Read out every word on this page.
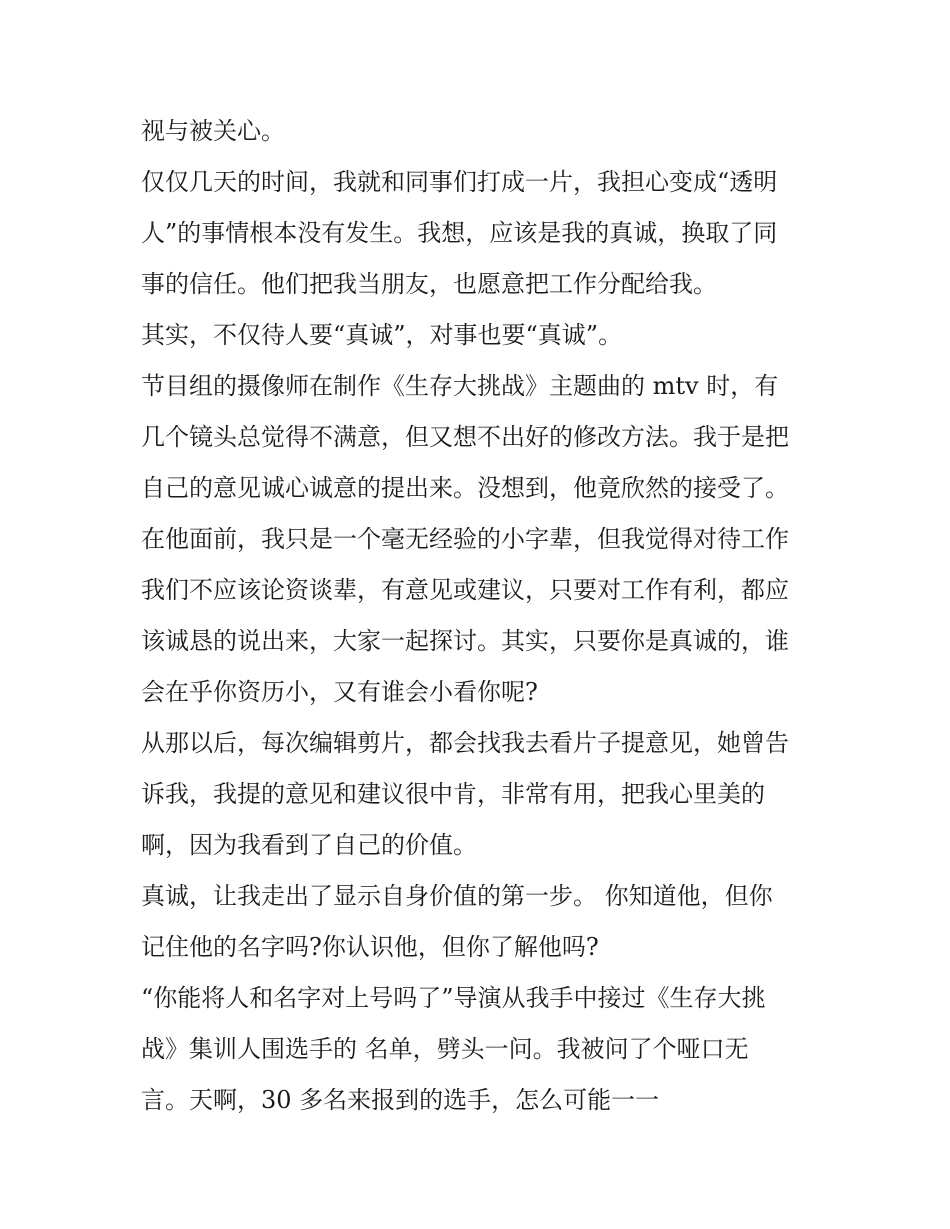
视与被关心。
仅仅几天的时间，我就和同事们打成一片，我担心变成“透明
人”的事情根本没有发生。我想，应该是我的真诚，换取了同
事的信任。他们把我当朋友，也愿意把工作分配给我。
其实，不仅待人要“真诚”，对事也要“真诚”。
节目组的摄像师在制作《生存大挑战》主题曲的 mtv 时，有
几个镜头总觉得不满意，但又想不出好的修改方法。我于是把
自己的意见诚心诚意的提出来。没想到，他竟欣然的接受了。
在他面前，我只是一个毫无经验的小字辈，但我觉得对待工作
我们不应该论资谈辈，有意见或建议，只要对工作有利，都应
该诚恳的说出来，大家一起探讨。其实，只要你是真诚的，谁
会在乎你资历小，又有谁会小看你呢?
从那以后，每次编辑剪片，都会找我去看片子提意见，她曾告
诉我，我提的意见和建议很中肯，非常有用，把我心里美的
啊，因为我看到了自己的价值。
真诚，让我走出了显示自身价值的第一步。 你知道他，但你
记住他的名字吗?你认识他，但你了解他吗?
“你能将人和名字对上号吗了”导演从我手中接过《生存大挑
战》集训人围选手的 名单，劈头一问。我被问了个哑口无
言。天啊，30 多名来报到的选手，怎么可能一一
